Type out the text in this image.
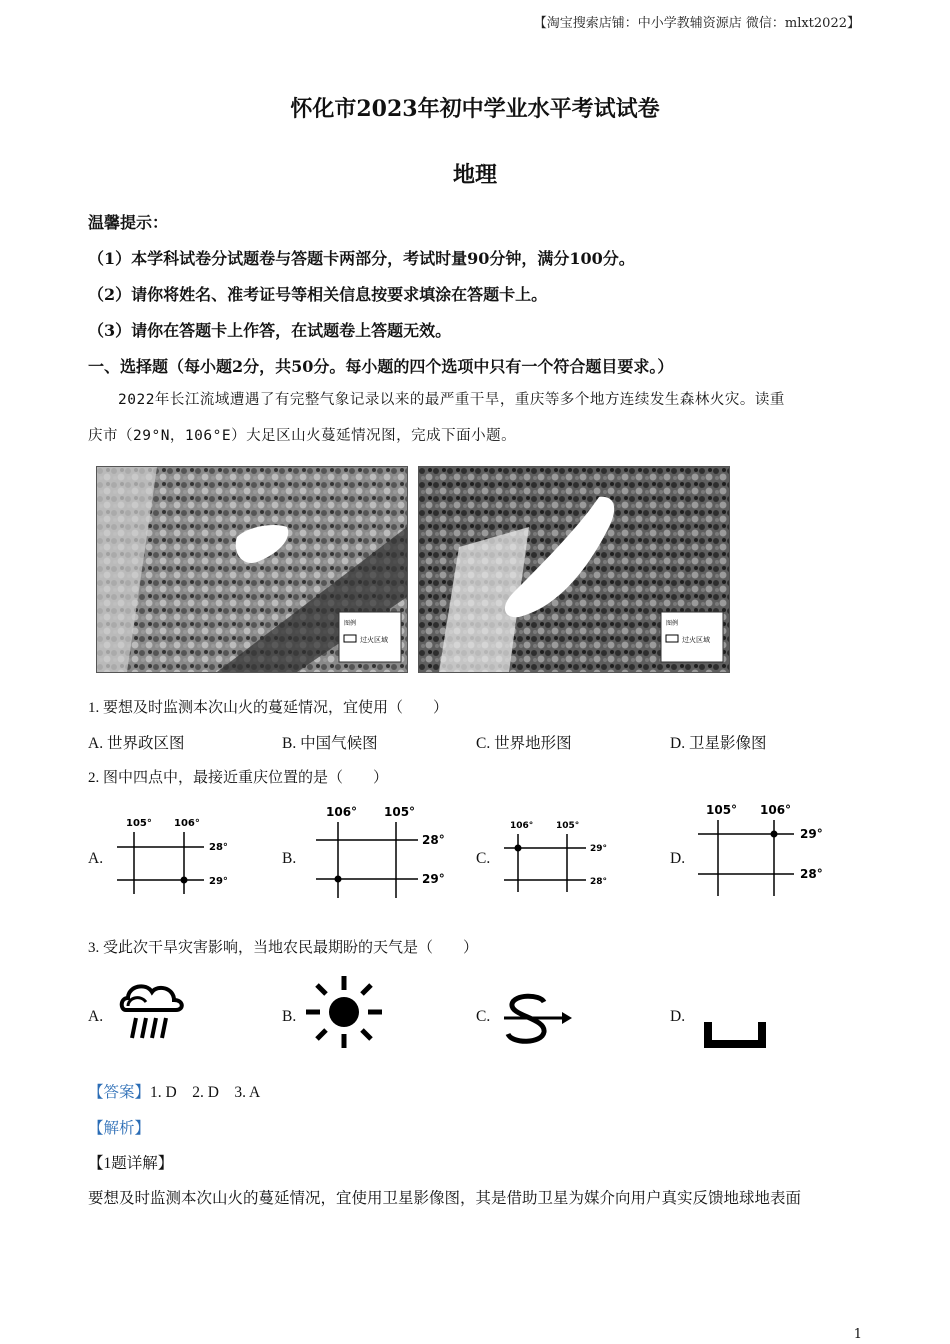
【淘宝搜索店铺：中小学教辅资源店 微信：mlxt2022】
怀化市2023年初中学业水平考试试卷
地理
温馨提示：
（1）本学科试卷分试题卷与答题卡两部分，考试时量90分钟，满分100分。
（2）请你将姓名、准考证号等相关信息按要求填涂在答题卡上。
（3）请你在答题卡上作答，在试题卷上答题无效。
一、选择题（每小题2分，共50分。每小题的四个选项中只有一个符合题目要求。）

2022年长江流域遭遇了有完整气象记录以来的最严重干旱，重庆等多个地方连续发生森林火灾。读重

庆市（29°N，106°E）大足区山火蔓延情况图，完成下面小题。

图例
过火区域
图例
过火区域
1. 要想及时监测本次山火的蔓延情况，宜使用（　　）
A. 世界政区图	B. 中国气候图	C. 世界地形图	D. 卫星影像图
2. 图中四点中，最接近重庆位置的是（　　）
A.
105° 106°
28°
29°
B.
106° 105°
28°
29°
C.
106°	105°
29°
28°
D.
105° 106°
29°
28°
3. 受此次干旱灾害影响，当地农民最期盼的天气是（　　）
A.	B.	C.	D.
【答案】1. D　2. D　3. A
【解析】
【1题详解】
要想及时监测本次山火的蔓延情况，宜使用卫星影像图，其是借助卫星为媒介向用户真实反馈地球地表面
1
